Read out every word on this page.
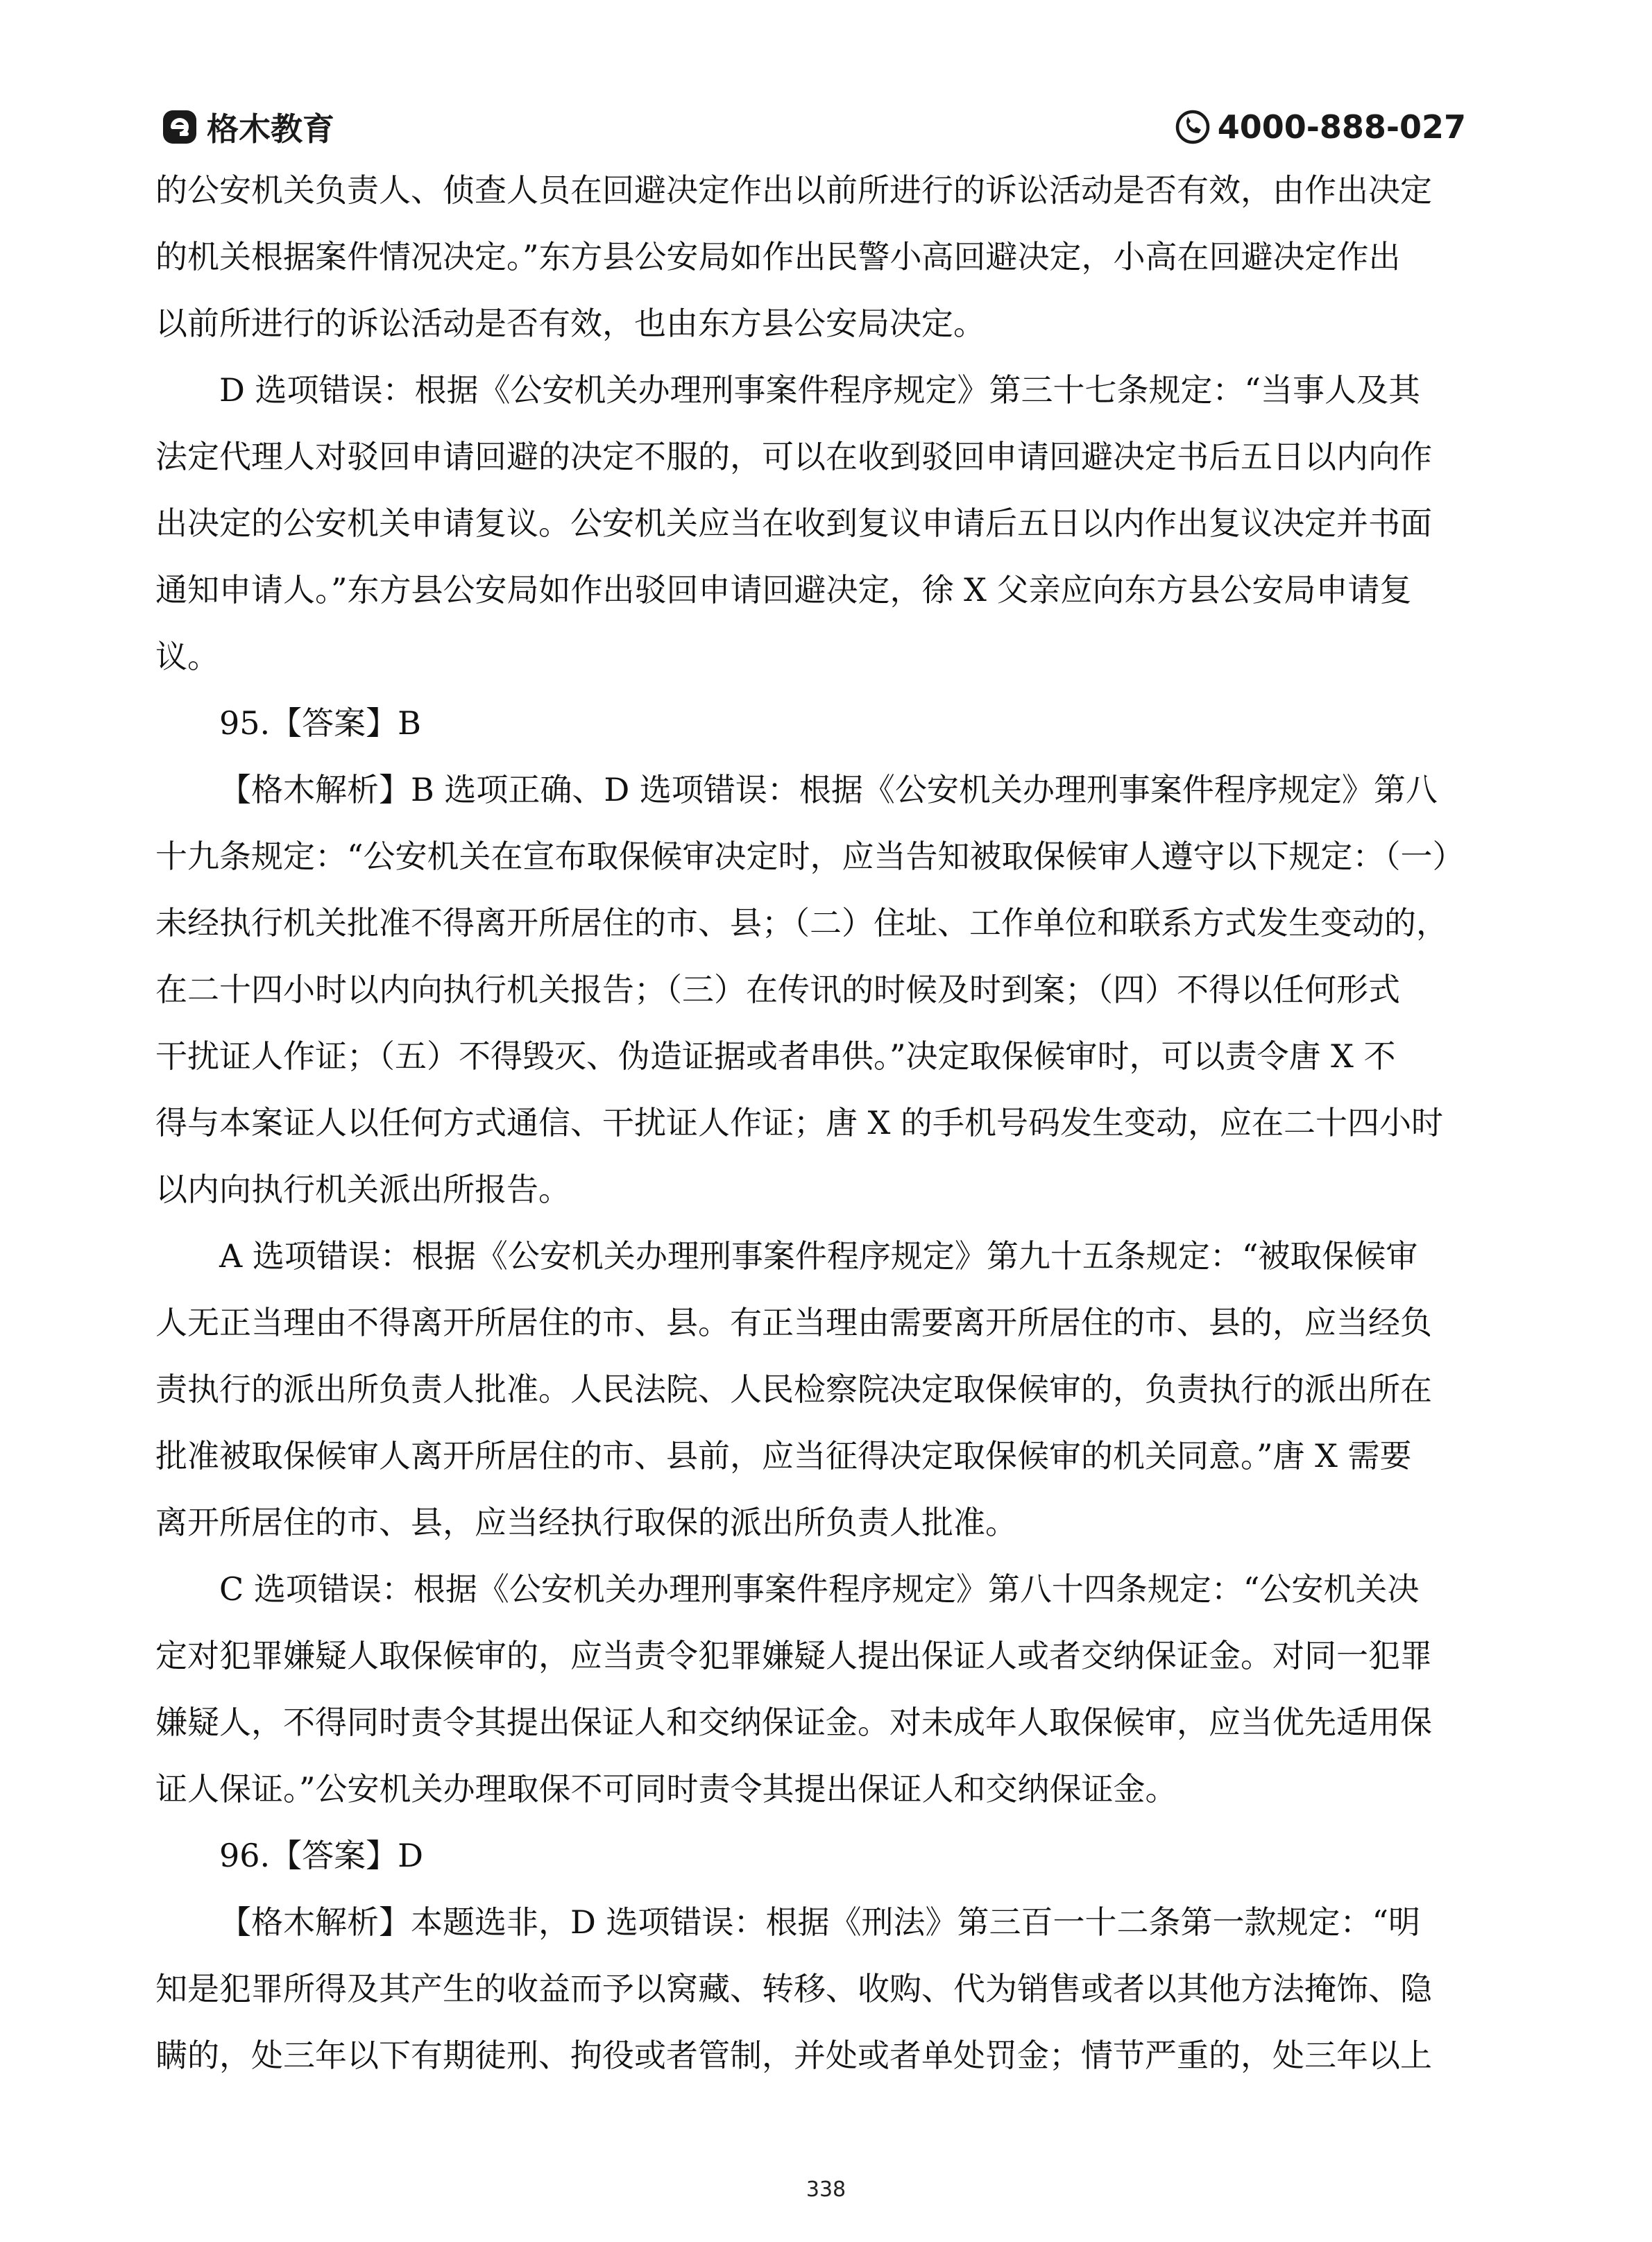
格木教育	4000-888-027
的公安机关负责人、侦查人员在回避决定作出以前所进行的诉讼活动是否有效，由作出决定
的机关根据案件情况决定。”东方县公安局如作出民警小高回避决定，小高在回避决定作出
以前所进行的诉讼活动是否有效，也由东方县公安局决定。
D 选项错误：根据《公安机关办理刑事案件程序规定》第三十七条规定：“当事人及其
法定代理人对驳回申请回避的决定不服的，可以在收到驳回申请回避决定书后五日以内向作
出决定的公安机关申请复议。公安机关应当在收到复议申请后五日以内作出复议决定并书面
通知申请人。”东方县公安局如作出驳回申请回避决定，徐 X 父亲应向东方县公安局申请复
议。
95.【答案】B
【格木解析】B 选项正确、D 选项错误：根据《公安机关办理刑事案件程序规定》第八
十九条规定：“公安机关在宣布取保候审决定时，应当告知被取保候审人遵守以下规定：（一）
未经执行机关批准不得离开所居住的市、县；（二）住址、工作单位和联系方式发生变动的，
在二十四小时以内向执行机关报告；（三）在传讯的时候及时到案；（四）不得以任何形式
干扰证人作证；（五）不得毁灭、伪造证据或者串供。”决定取保候审时，可以责令唐 X 不
得与本案证人以任何方式通信、干扰证人作证；唐 X 的手机号码发生变动，应在二十四小时
以内向执行机关派出所报告。
A 选项错误：根据《公安机关办理刑事案件程序规定》第九十五条规定：“被取保候审
人无正当理由不得离开所居住的市、县。有正当理由需要离开所居住的市、县的，应当经负
责执行的派出所负责人批准。人民法院、人民检察院决定取保候审的，负责执行的派出所在
批准被取保候审人离开所居住的市、县前，应当征得决定取保候审的机关同意。”唐 X 需要
离开所居住的市、县，应当经执行取保的派出所负责人批准。
C 选项错误：根据《公安机关办理刑事案件程序规定》第八十四条规定：“公安机关决
定对犯罪嫌疑人取保候审的，应当责令犯罪嫌疑人提出保证人或者交纳保证金。对同一犯罪
嫌疑人，不得同时责令其提出保证人和交纳保证金。对未成年人取保候审，应当优先适用保
证人保证。”公安机关办理取保不可同时责令其提出保证人和交纳保证金。
96.【答案】D
【格木解析】本题选非，D 选项错误：根据《刑法》第三百一十二条第一款规定：“明
知是犯罪所得及其产生的收益而予以窝藏、转移、收购、代为销售或者以其他方法掩饰、隐
瞒的，处三年以下有期徒刑、拘役或者管制，并处或者单处罚金；情节严重的，处三年以上
338
